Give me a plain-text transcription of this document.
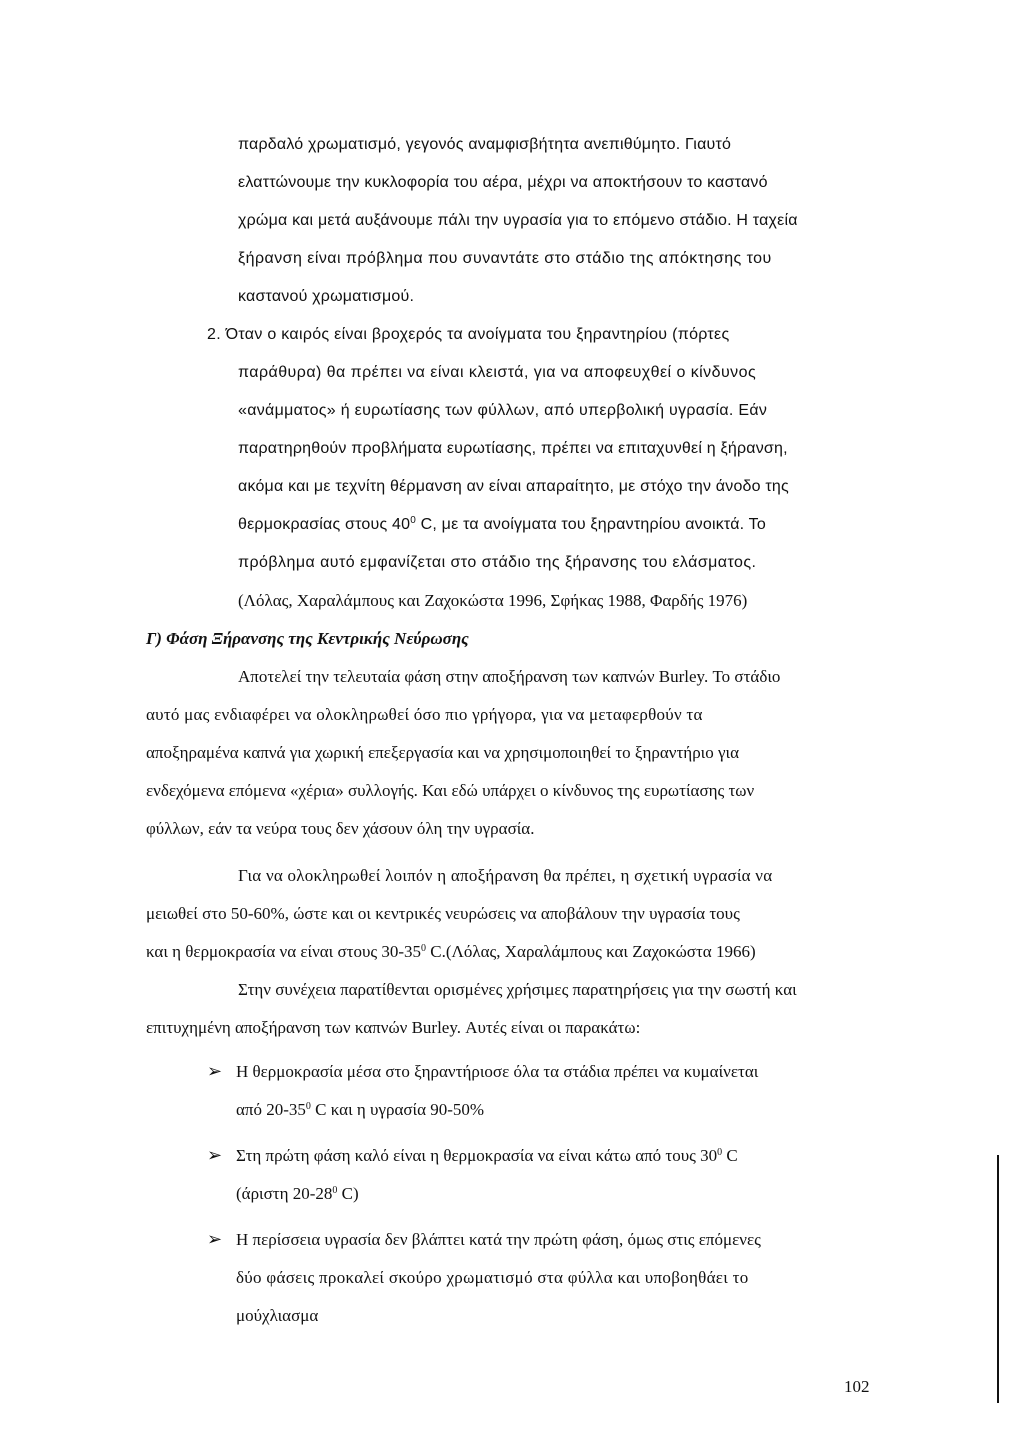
παρδαλό χρωματισμό, γεγονός αναμφισβήτητα ανεπιθύμητο. Γιαυτό

ελαττώνουμε την κυκλοφορία του αέρα, μέχρι να αποκτήσουν το καστανό

χρώμα και μετά αυξάνουμε πάλι την υγρασία για το επόμενο στάδιο. Η ταχεία

ξήρανση είναι πρόβλημα που συναντάτε στο στάδιο της απόκτησης του

καστανού χρωματισμού.

2. Όταν ο καιρός είναι βροχερός τα ανοίγματα του ξηραντηρίου (πόρτες

παράθυρα) θα πρέπει να είναι κλειστά, για να αποφευχθεί ο κίνδυνος

«ανάμματος» ή ευρωτίασης των φύλλων, από υπερβολική υγρασία. Εάν

παρατηρηθούν προβλήματα ευρωτίασης, πρέπει να επιταχυνθεί η ξήρανση,

ακόμα και με τεχνίτη θέρμανση αν είναι απαραίτητο, με στόχο την άνοδο της

θερμοκρασίας στους $40^0$ C, με τα ανοίγματα του ξηραντηρίου ανοικτά. Το

πρόβλημα αυτό εμφανίζεται στο στάδιο της ξήρανσης του ελάσματος.

(Λόλας, Χαραλάμπους και Ζαχοκώστα 1996, Σφήκας 1988, Φαρδής 1976)

Γ) Φάση Ξήρανσης της Κεντρικής Νεύρωσης

Αποτελεί την τελευταία φάση στην αποξήρανση των καπνών Burley. Το στάδιο

αυτό μας ενδιαφέρει να ολοκληρωθεί όσο πιο γρήγορα, για να μεταφερθούν τα

αποξηραμένα καπνά για χωρική επεξεργασία και να χρησιμοποιηθεί το ξηραντήριο για

ενδεχόμενα επόμενα «χέρια» συλλογής. Και εδώ υπάρχει ο κίνδυνος της ευρωτίασης των

φύλλων, εάν τα νεύρα τους δεν χάσουν όλη την υγρασία.

Για να ολοκληρωθεί λοιπόν η αποξήρανση θα πρέπει, η σχετική υγρασία να

μειωθεί στο 50-60%, ώστε και οι κεντρικές νευρώσεις να αποβάλουν την υγρασία τους

και η θερμοκρασία να είναι στους $30-35^0$ C.(Λόλας, Χαραλάμπους και Ζαχοκώστα 1966)

Στην συνέχεια παρατίθενται ορισμένες χρήσιμες παρατηρήσεις για την σωστή και

επιτυχημένη αποξήρανση των καπνών Burley. Αυτές είναι οι παρακάτω:

➢ Η θερμοκρασία μέσα στο ξηραντήριοσε όλα τα στάδια πρέπει να κυμαίνεται

από $20-35^0$ C και η υγρασία 90-50%

➢ Στη πρώτη φάση καλό είναι η θερμοκρασία να είναι κάτω από τους $30^0$ C

(άριστη $20-28^0$ C)

➢ Η περίσσεια υγρασία δεν βλάπτει κατά την πρώτη φάση, όμως στις επόμενες

δύο φάσεις προκαλεί σκούρο χρωματισμό στα φύλλα και υποβοηθάει το

μούχλιασμα

102
